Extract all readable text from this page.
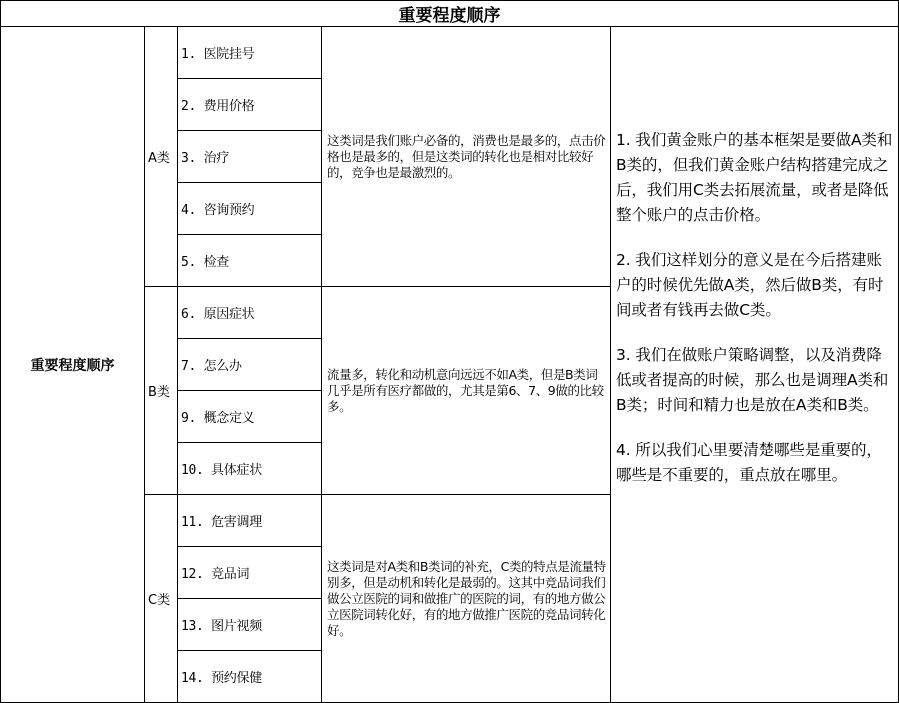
重要程度顺序
重要程度顺序
A类
B类
C类
1. 医院挂号
2. 费用价格
3. 治疗
4. 咨询预约
5. 检查
6. 原因症状
7. 怎么办
9. 概念定义
10. 具体症状
11. 危害调理
12. 竞品词
13. 图片视频
14. 预约保健
这类词是我们账户必备的，消费也是最多的，点击价格也是最多的，但是这类词的转化也是相对比较好的，竞争也是最激烈的。
流量多，转化和动机意向远远不如A类，但是B类词几乎是所有医疗都做的，尤其是第6、7、9做的比较多。
这类词是对A类和B类词的补充，C类的特点是流量特别多，但是动机和转化是最弱的。这其中竞品词我们做公立医院的词和做推广的医院的词，有的地方做公立医院词转化好，有的地方做推广医院的竞品词转化好。

1. 我们黄金账户的基本框架是要做A类和B类的，但我们黄金账户结构搭建完成之后，我们用C类去拓展流量，或者是降低整个账户的点击价格。

2. 我们这样划分的意义是在今后搭建账户的时候优先做A类，然后做B类，有时间或者有钱再去做C类。

3. 我们在做账户策略调整，以及消费降低或者提高的时候，那么也是调理A类和B类；时间和精力也是放在A类和B类。

4. 所以我们心里要清楚哪些是重要的，哪些是不重要的，重点放在哪里。
